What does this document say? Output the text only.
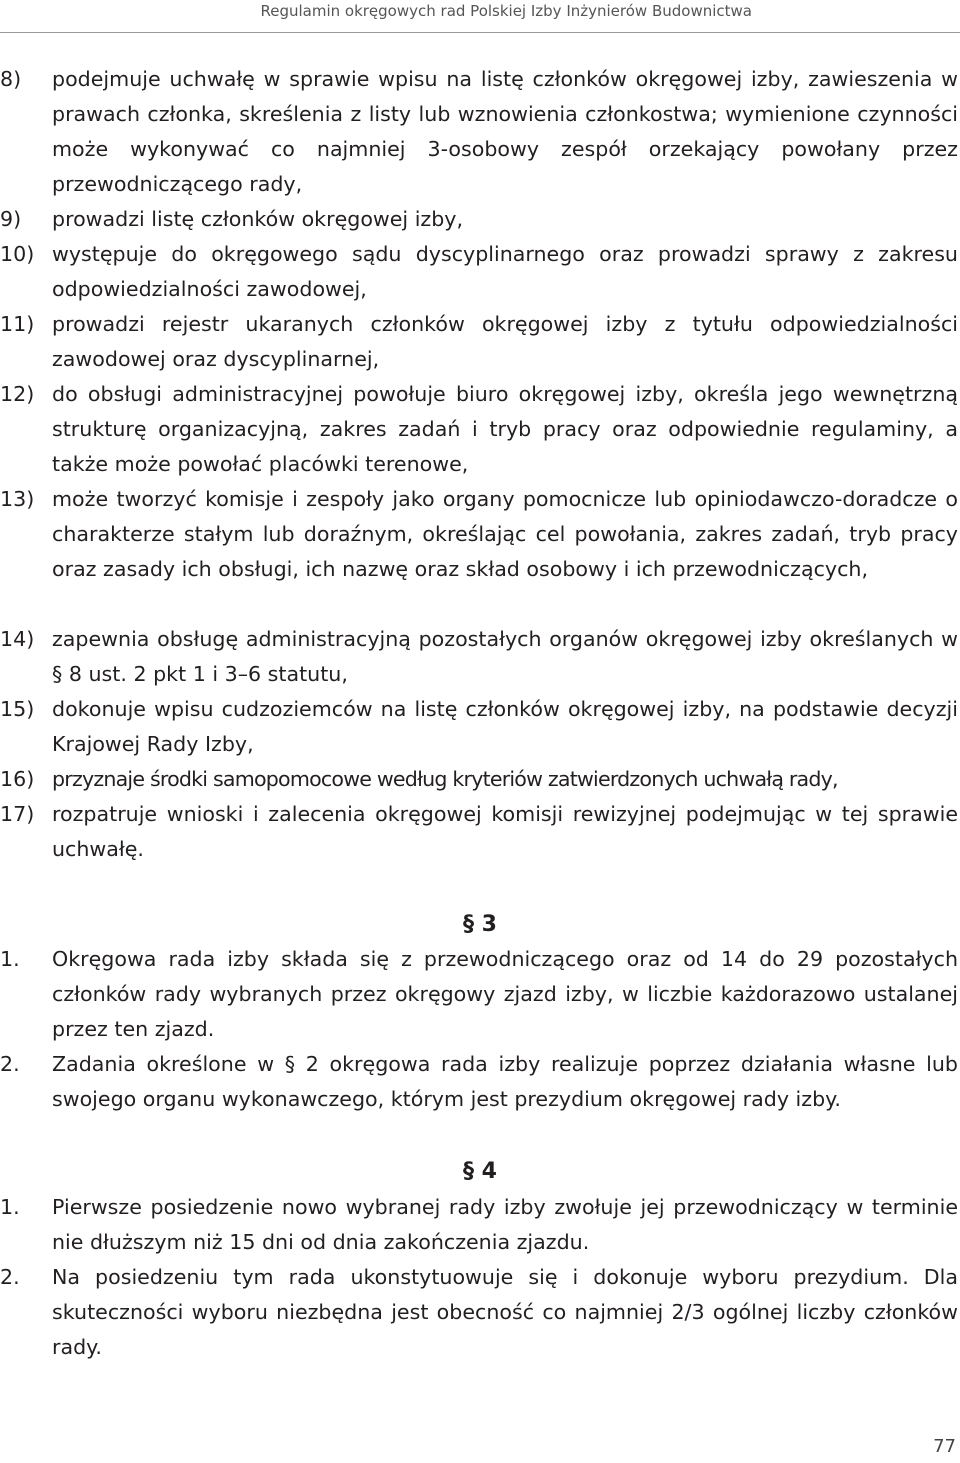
Regulamin okręgowych rad Polskiej Izby Inżynierów Budownictwa
8) podejmuje uchwałę w sprawie wpisu na listę członków okręgowej izby, zawieszenia w prawach członka, skreślenia z listy lub wznowienia członkostwa; wymienione czynności może wykonywać co najmniej 3-osobowy zespół orzekający powołany przez przewodniczącego rady,
9) prowadzi listę członków okręgowej izby,
10) występuje do okręgowego sądu dyscyplinarnego oraz prowadzi sprawy z zakresu odpowiedzialności zawodowej,
11) prowadzi rejestr ukaranych członków okręgowej izby z tytułu odpowiedzialności zawodowej oraz dyscyplinarnej,
12) do obsługi administracyjnej powołuje biuro okręgowej izby, określa jego wewnętrzną strukturę organizacyjną, zakres zadań i tryb pracy oraz odpowiednie regulaminy, a także może powołać placówki terenowe,
13) może tworzyć komisje i zespoły jako organy pomocnicze lub opiniodawczo-doradcze o charakterze stałym lub doraźnym, określając cel powołania, zakres zadań, tryb pracy oraz zasady ich obsługi, ich nazwę oraz skład osobowy i ich przewodniczących,
14) zapewnia obsługę administracyjną pozostałych organów okręgowej izby określanych w § 8 ust. 2 pkt 1 i 3–6 statutu,
15) dokonuje wpisu cudzoziemców na listę członków okręgowej izby, na podstawie decyzji Krajowej Rady Izby,
16) przyznaje środki samopomocowe według kryteriów zatwierdzonych uchwałą rady,
17) rozpatruje wnioski i zalecenia okręgowej komisji rewizyjnej podejmując w tej sprawie uchwałę.
§ 3
1. Okręgowa rada izby składa się z przewodniczącego oraz od 14 do 29 pozostałych członków rady wybranych przez okręgowy zjazd izby, w liczbie każdorazowo ustalanej przez ten zjazd.
2. Zadania określone w § 2 okręgowa rada izby realizuje poprzez działania własne lub swojego organu wykonawczego, którym jest prezydium okręgowej rady izby.
§ 4
1. Pierwsze posiedzenie nowo wybranej rady izby zwołuje jej przewodniczący w terminie nie dłuższym niż 15 dni od dnia zakończenia zjazdu.
2. Na posiedzeniu tym rada ukonstytuowuje się i dokonuje wyboru prezydium. Dla skuteczności wyboru niezbędna jest obecność co najmniej 2/3 ogólnej liczby członków rady.
77
